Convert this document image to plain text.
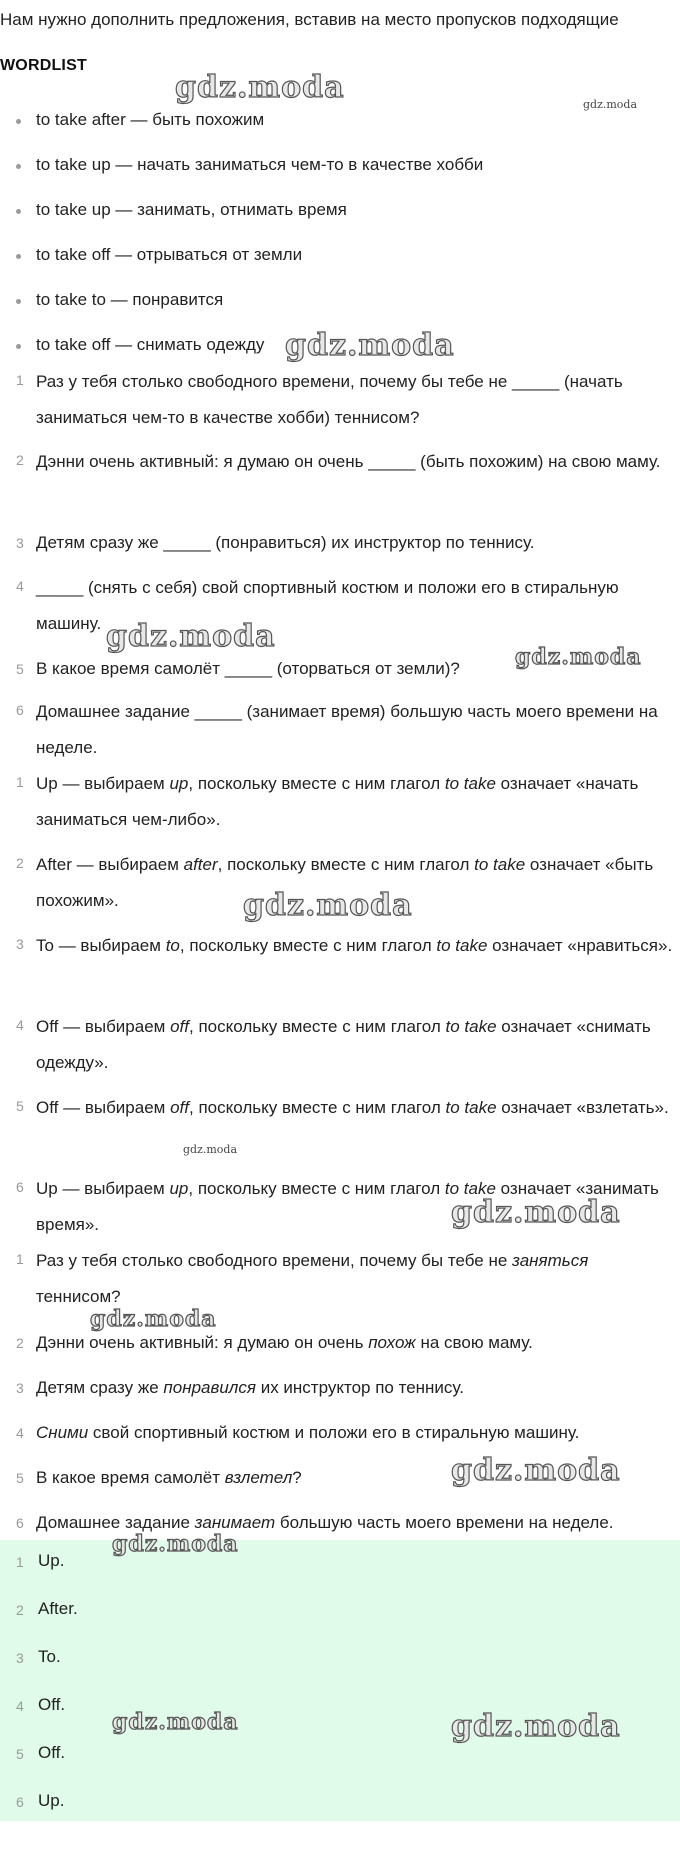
Нам нужно дополнить предложения, вставив на место пропусков подходящие
WORDLIST
to take after — быть похожим
to take up — начать заниматься чем-то в качестве хобби
to take up — занимать, отнимать время
to take off — отрываться от земли
to take to — понравится
to take off — снимать одежду
1 Раз у тебя столько свободного времени, почему бы тебе не _____ (начать заниматься чем-то в качестве хобби) теннисом?
2 Дэнни очень активный: я думаю он очень _____ (быть похожим) на свою маму.
3 Детям сразу же _____ (понравиться) их инструктор по теннису.
4 _____ (снять с себя) свой спортивный костюм и положи его в стиральную машину.
5 В какое время самолёт _____ (оторваться от земли)?
6 Домашнее задание _____ (занимает время) большую часть моего времени на неделе.
1 Up — выбираем up, поскольку вместе с ним глагол to take означает «начать заниматься чем-либо».
2 After — выбираем after, поскольку вместе с ним глагол to take означает «быть похожим».
3 To — выбираем to, поскольку вместе с ним глагол to take означает «нравиться».
4 Off — выбираем off, поскольку вместе с ним глагол to take означает «снимать одежду».
5 Off — выбираем off, поскольку вместе с ним глагол to take означает «взлетать».
6 Up — выбираем up, поскольку вместе с ним глагол to take означает «занимать время».
1 Раз у тебя столько свободного времени, почему бы тебе не заняться теннисом?
2 Дэнни очень активный: я думаю он очень похож на свою маму.
3 Детям сразу же понравился их инструктор по теннису.
4 Сними свой спортивный костюм и положи его в стиральную машину.
5 В какое время самолёт взлетел?
6 Домашнее задание занимает большую часть моего времени на неделе.
1 Up.
2 After.
3 To.
4 Off.
5 Off.
6 Up.
gdz.moda	gdz.moda
gdz.moda
gdz.moda
gdz.moda
gdz.moda
gdz.moda
gdz.moda
gdz.moda
gdz.moda
gdz.moda
gdz.moda	gdz.moda
